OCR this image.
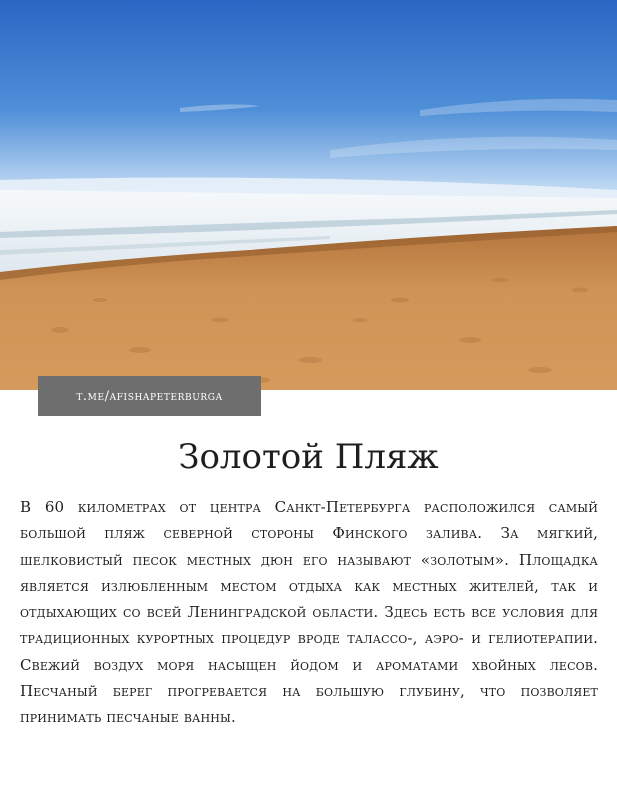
t.me/afishapeterburga
Золотой Пляж

В 60 километрах от центра Санкт-Петербурга расположился самый большой пляж северной стороны Финского залива. За мягкий, шелковистый песок местных дюн его называют «золотым». Площадка является излюбленным местом отдыха как местных жителей, так и отдыхающих со всей Ленинградской области. Здесь есть все условия для традиционных курортных процедур вроде талассо-, аэро- и гелиотерапии. Свежий воздух моря насыщен йодом и ароматами хвойных лесов. Песчаный берег прогревается на большую глубину, что позволяет принимать песчаные ванны.
